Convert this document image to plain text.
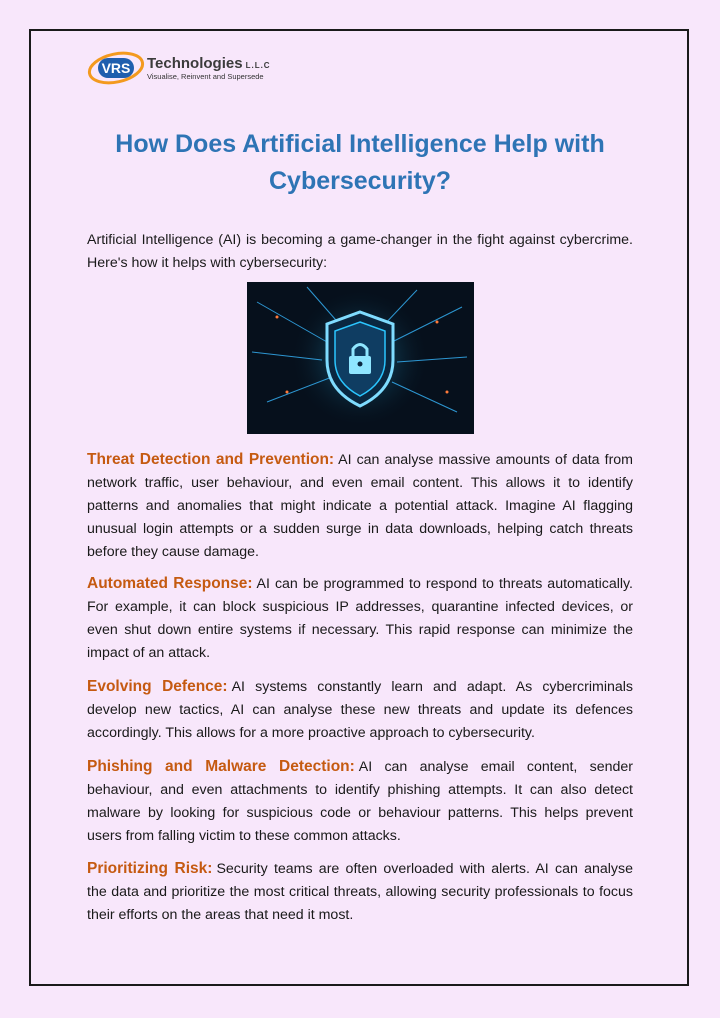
VRS Technologies L.L.C
Visualise, Reinvent and Supersede
How Does Artificial Intelligence Help with Cybersecurity?

Artificial Intelligence (AI) is becoming a game-changer in the fight against cybercrime. Here's how it helps with cybersecurity:

Threat Detection and Prevention: AI can analyse massive amounts of data from network traffic, user behaviour, and even email content. This allows it to identify patterns and anomalies that might indicate a potential attack. Imagine AI flagging unusual login attempts or a sudden surge in data downloads, helping catch threats before they cause damage.

Automated Response: AI can be programmed to respond to threats automatically. For example, it can block suspicious IP addresses, quarantine infected devices, or even shut down entire systems if necessary. This rapid response can minimize the impact of an attack.

Evolving Defence: AI systems constantly learn and adapt. As cybercriminals develop new tactics, AI can analyse these new threats and update its defences accordingly. This allows for a more proactive approach to cybersecurity.

Phishing and Malware Detection: AI can analyse email content, sender behaviour, and even attachments to identify phishing attempts. It can also detect malware by looking for suspicious code or behaviour patterns. This helps prevent users from falling victim to these common attacks.

Prioritizing Risk: Security teams are often overloaded with alerts. AI can analyse the data and prioritize the most critical threats, allowing security professionals to focus their efforts on the areas that need it most.
